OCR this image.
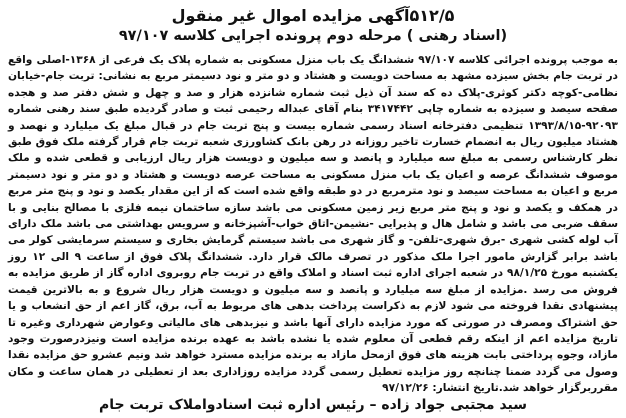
۵۱۲/۵آگهی مزایده اموال غیر منقول
(اسناد رهنی ) مرحله دوم پرونده اجرایی کلاسه ۹۷/۱۰۷

به موجب پرونده اجرائی کلاسه ۹۷/۱۰۷ ششدانگ یک باب منزل مسکونی به شماره پلاک یک فرعی از ۱۳۶۸-اصلی واقع در تربت جام بخش سیزده مشهد به مساحت دویست و هشتاد و دو متر و نود دسیمتر مربع به نشانی: تربت جام-خیابان نظامی-کوچه دکتر کوثری-پلاک ده که سند آن ذیل ثبت شماره شانزده هزار و صد و چهل و شش دفتر صد و هجده صفحه سیصد و سیزده به شماره چاپی ۳۴۱۷۴۴۲ بنام آقای عبداله رحیمی ثبت و صادر گردیده طبق سند رهنی شماره ۹۲۰۹۳-۱۳۹۳/۸/۱۵ تنظیمی دفترخانه اسناد رسمی شماره بیست و پنج تربت جام در قبال مبلغ یک میلیارد و نهصد و هشتاد میلیون ریال به انضمام خسارت تاخیر روزانه در رهن بانک کشاورزی شعبه تربت جام قرار گرفته ملک فوق طبق نظر کارشناس رسمی به مبلغ سه میلیارد و پانصد و سه میلیون و دویست هزار ریال ارزیابی و قطعی شده و ملک موصوف ششدانگ عرصه و اعیان یک باب منزل مسکونی به مساحت عرصه دویست و هشتاد و دو متر و نود دسیمتر مربع و اعیان به مساحت سیصد و نود مترمربع در دو طبقه واقع شده است که از این مقدار یکصد و نود و پنج متر مربع در همکف و یکصد و نود و پنج متر مربع زیر زمین مسکونی می باشد سازه ساختمان نیمه فلزی با مصالح بنایی و با سقف ضربی می باشد و شامل هال و پذیرایی -نشیمن-اتاق خواب-آشپزخانه و سرویس بهداشتی می باشد ملک دارای آب لوله کشی شهری -برق شهری-تلفن- و گاز شهری می باشد سیستم گرمایش بخاری و سیستم سرمایشی کولر می باشد برابر گزارش مامور اجرا ملک مذکور در تصرف مالک قرار دارد. ششدانگ پلاک فوق از ساعت ۹ الی ۱۲ روز یکشنبه مورخ ۹۸/۱/۲۵ در شعبه اجرای اداره ثبت اسناد و املاک واقع در تربت جام روبروی اداره گاز از طریق مزایده به فروش می رسد .مزایده از مبلغ سه میلیارد و پانصد و سه میلیون و دویست هزار ریال شروع و به بالاترین قیمت پیشنهادی نقدا فروخته می شود لازم به ذکراست پرداخت بدهی های مربوط به آب، برق، گاز اعم از حق انشعاب و یا حق اشتراک ومصرف در صورتی که مورد مزایده دارای آنها باشد و نیزبدهی های مالیاتی وعوارض شهرداری وغیره تا تاریخ مزایده اعم از اینکه رقم قطعی آن معلوم شده یا نشده باشد به عهده برنده مزایده است ونیزدرصورت وجود مازاد، وجوه پرداختی بابت هزینه های فوق ازمحل مازاد به برنده مزایده مسترد خواهد شد ونیم عشرو حق مزایده نقدا وصول می گردد ضمنا چنانچه روز مزایده تعطیل رسمی گردد مزایده روزاداری بعد از تعطیلی در همان ساعت و مکان مقرربرگزار خواهد شد.تاریخ انتشار: ۹۷/۱۲/۲۶

سید مجتبی جواد زاده – رئیس اداره ثبت اسنادواملاک تربت جام
